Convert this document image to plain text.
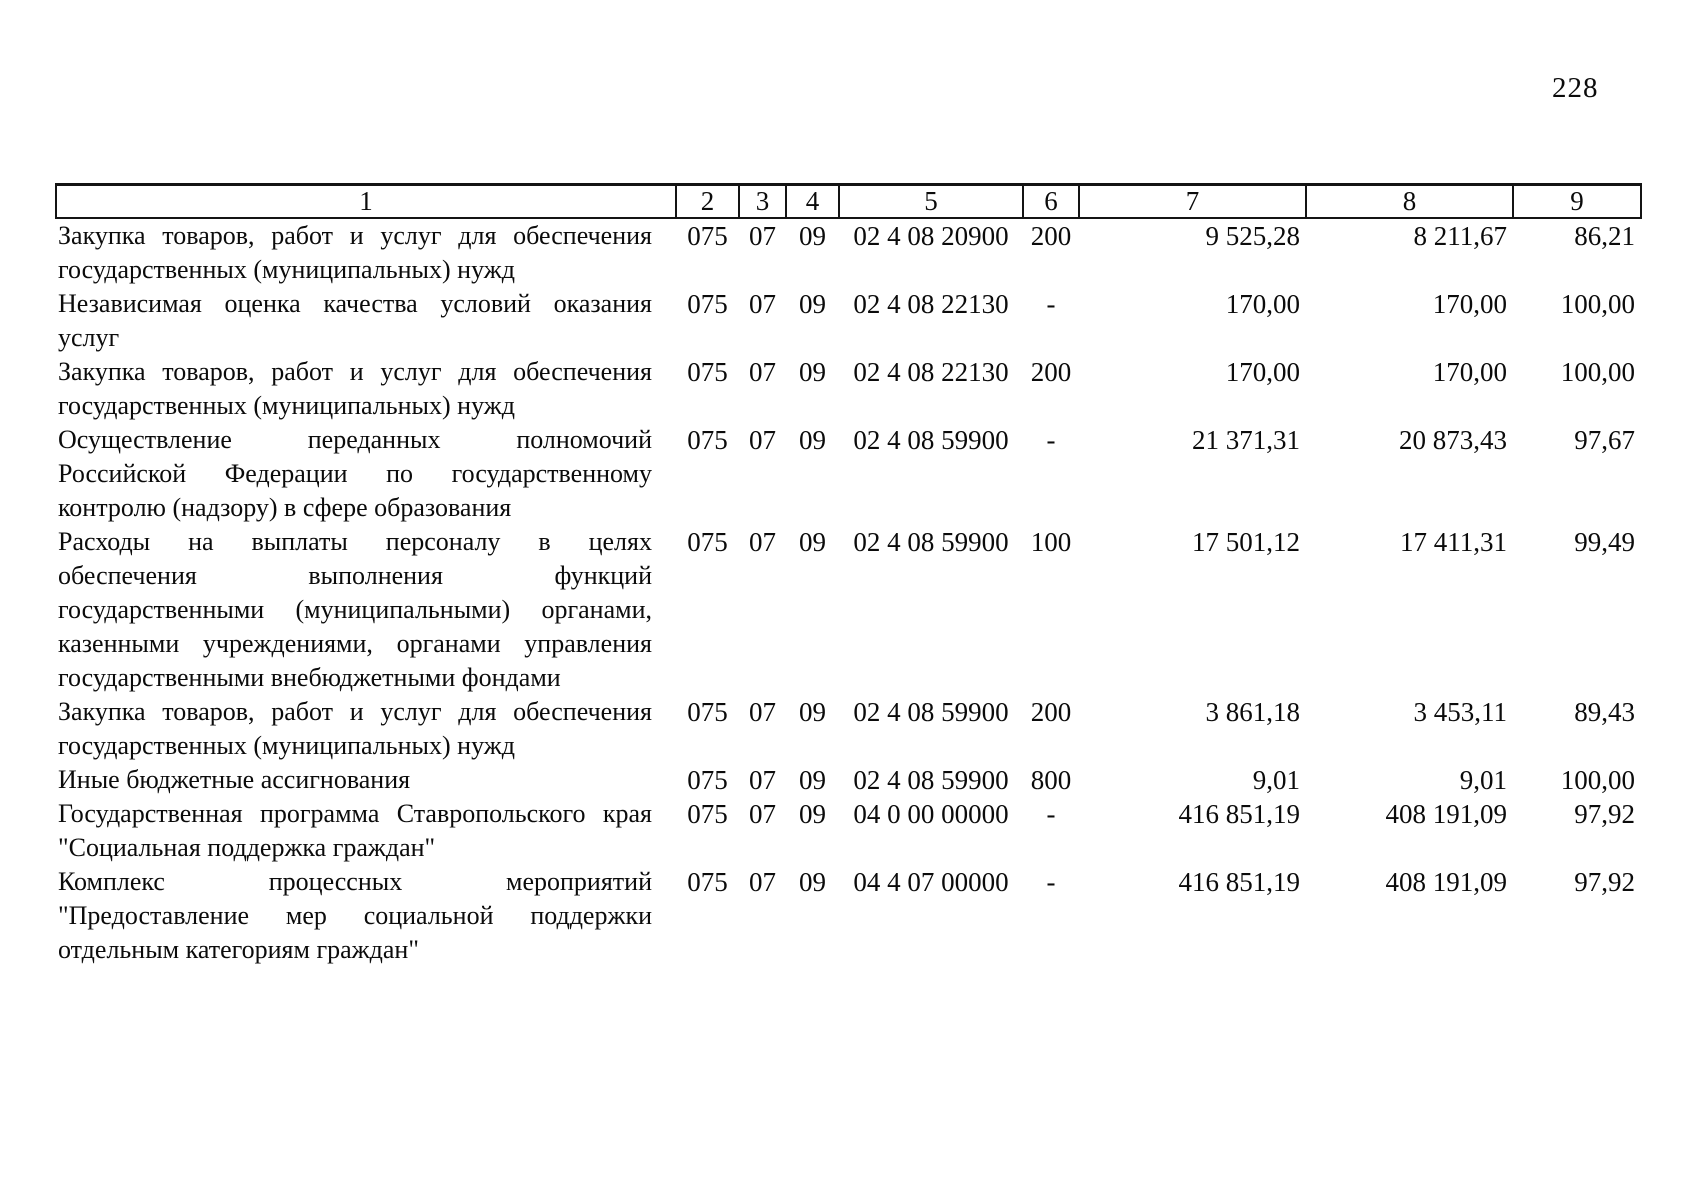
228
1	2	3	4	5	6	7	8	9

Закупка товаров, работ и услуг для обеспечения
государственных (муниципальных) нужд	075	07	09	02 4 08 20900	200	9 525,28	8 211,67	86,21

Независимая оценка качества условий оказания
услуг	075	07	09	02 4 08 22130	-	170,00	170,00	100,00

Закупка товаров, работ и услуг для обеспечения
государственных (муниципальных) нужд	075	07	09	02 4 08 22130	200	170,00	170,00	100,00

Осуществление переданных полномочий
Российской Федерации по государственному
контролю (надзору) в сфере образования	075	07	09	02 4 08 59900	-	21 371,31	20 873,43	97,67

Расходы на выплаты персоналу в целях
обеспечения выполнения функций
государственными (муниципальными) органами,
казенными учреждениями, органами управления
государственными внебюджетными фондами	075	07	09	02 4 08 59900	100	17 501,12	17 411,31	99,49

Закупка товаров, работ и услуг для обеспечения
государственных (муниципальных) нужд	075	07	09	02 4 08 59900	200	3 861,18	3 453,11	89,43

Иные бюджетные ассигнования	075	07	09	02 4 08 59900	800	9,01	9,01	100,00

Государственная программа Ставропольского края
"Социальная поддержка граждан"	075	07	09	04 0 00 00000	-	416 851,19	408 191,09	97,92

Комплекс процессных мероприятий
"Предоставление мер социальной поддержки
отдельным категориям граждан"	075	07	09	04 4 07 00000	-	416 851,19	408 191,09	97,92
